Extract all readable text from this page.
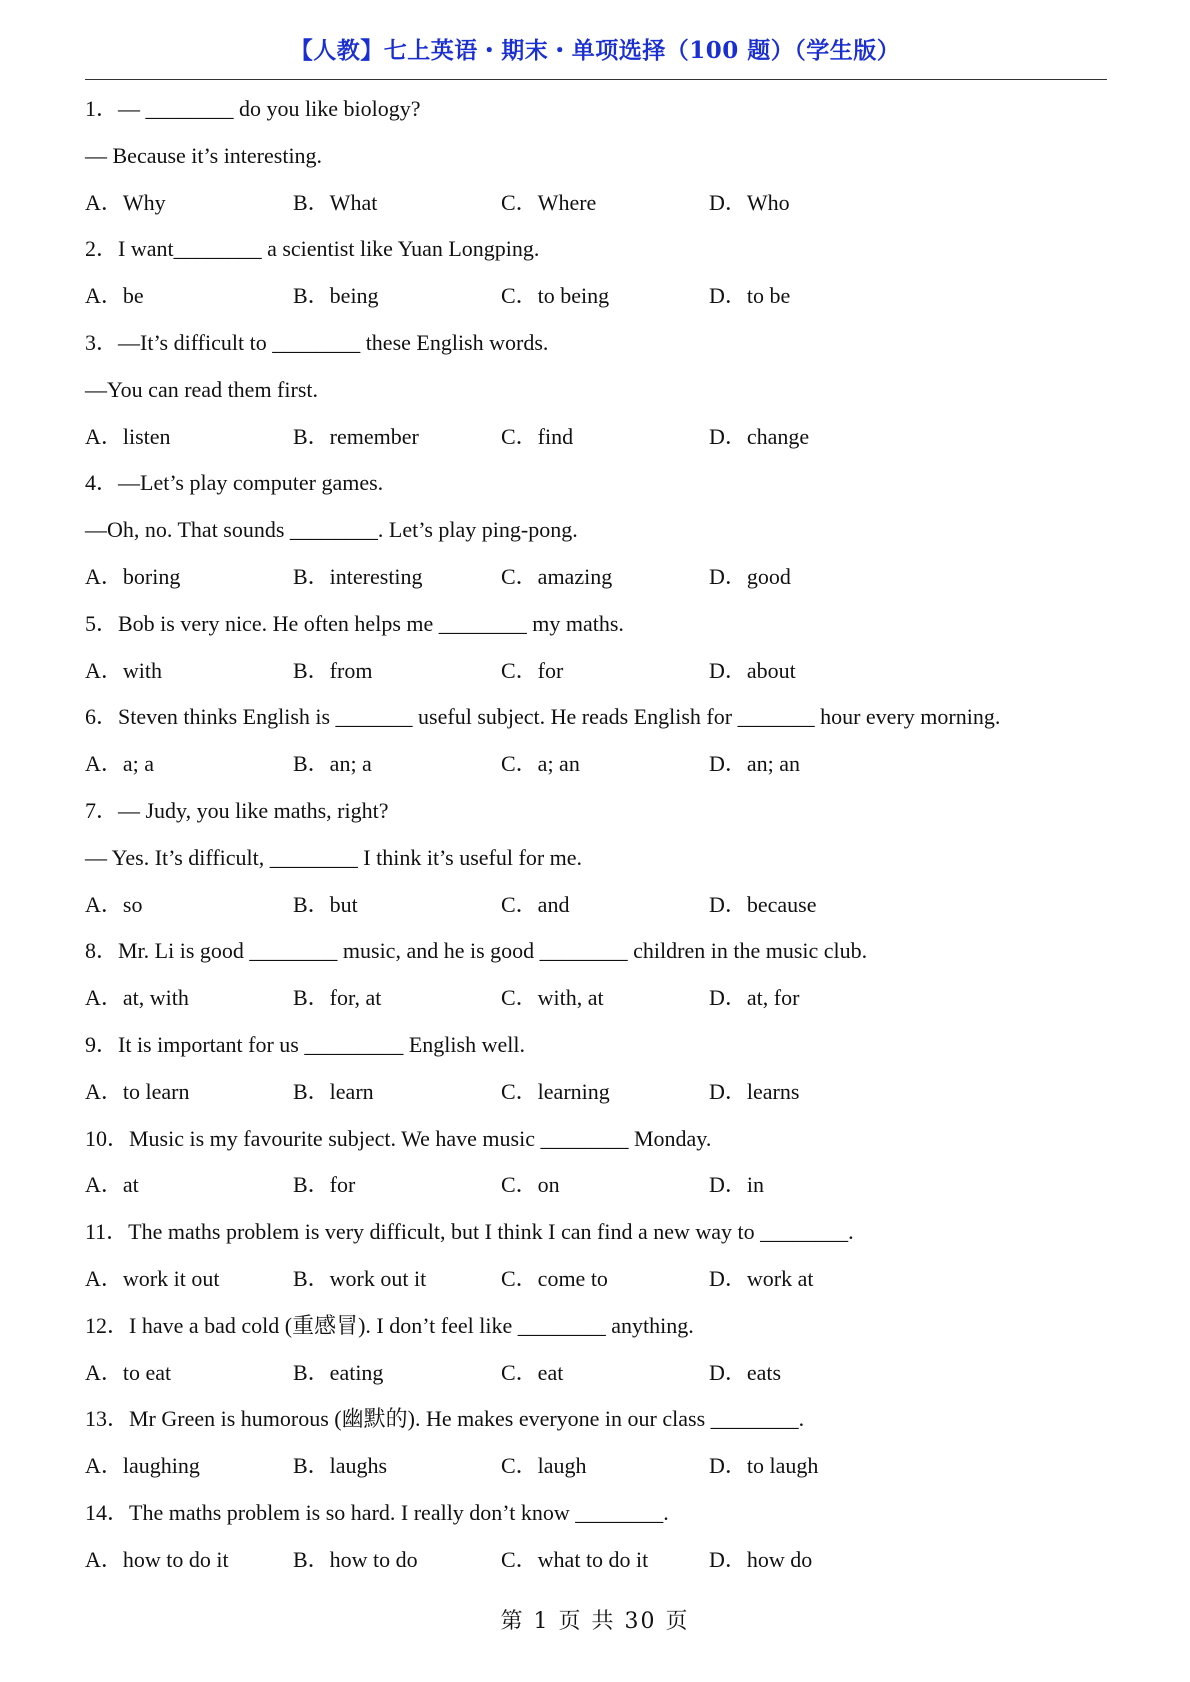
【人教】七上英语・期末・单项选择（100 题）（学生版）
1．— ________ do you like biology?
— Because it’s interesting.
A．Why	B．What	C．Where	D．Who
2．I want________ a scientist like Yuan Longping.
A．be	B．being	C．to being	D．to be
3．—It’s difficult to ________ these English words.
—You can read them first.
A．listen	B．remember	C．find	D．change
4．—Let’s play computer games.
—Oh, no. That sounds ________. Let’s play ping-pong.
A．boring	B．interesting	C．amazing	D．good
5．Bob is very nice. He often helps me ________ my maths.
A．with	B．from	C．for	D．about
6．Steven thinks English is _______ useful subject. He reads English for _______ hour every morning.
A．a; a	B．an; a	C．a; an	D．an; an
7．— Judy, you like maths, right?
— Yes. It’s difficult, ________ I think it’s useful for me.
A．so	B．but	C．and	D．because
8．Mr. Li is good ________ music, and he is good ________ children in the music club.
A．at, with	B．for, at	C．with, at	D．at, for
9．It is important for us _________ English well.
A．to learn	B．learn	C．learning	D．learns
10．Music is my favourite subject. We have music ________ Monday.
A．at	B．for	C．on	D．in
11．The maths problem is very difficult, but I think I can find a new way to ________.
A．work it out	B．work out it	C．come to	D．work at
12．I have a bad cold (重感冒). I don’t feel like ________ anything.
A．to eat	B．eating	C．eat	D．eats
13．Mr Green is humorous (幽默的). He makes everyone in our class ________.
A．laughing	B．laughs	C．laugh	D．to laugh
14．The maths problem is so hard. I really don’t know ________.
A．how to do it	B．how to do	C．what to do it	D．how do
第 1 页 共 30 页
